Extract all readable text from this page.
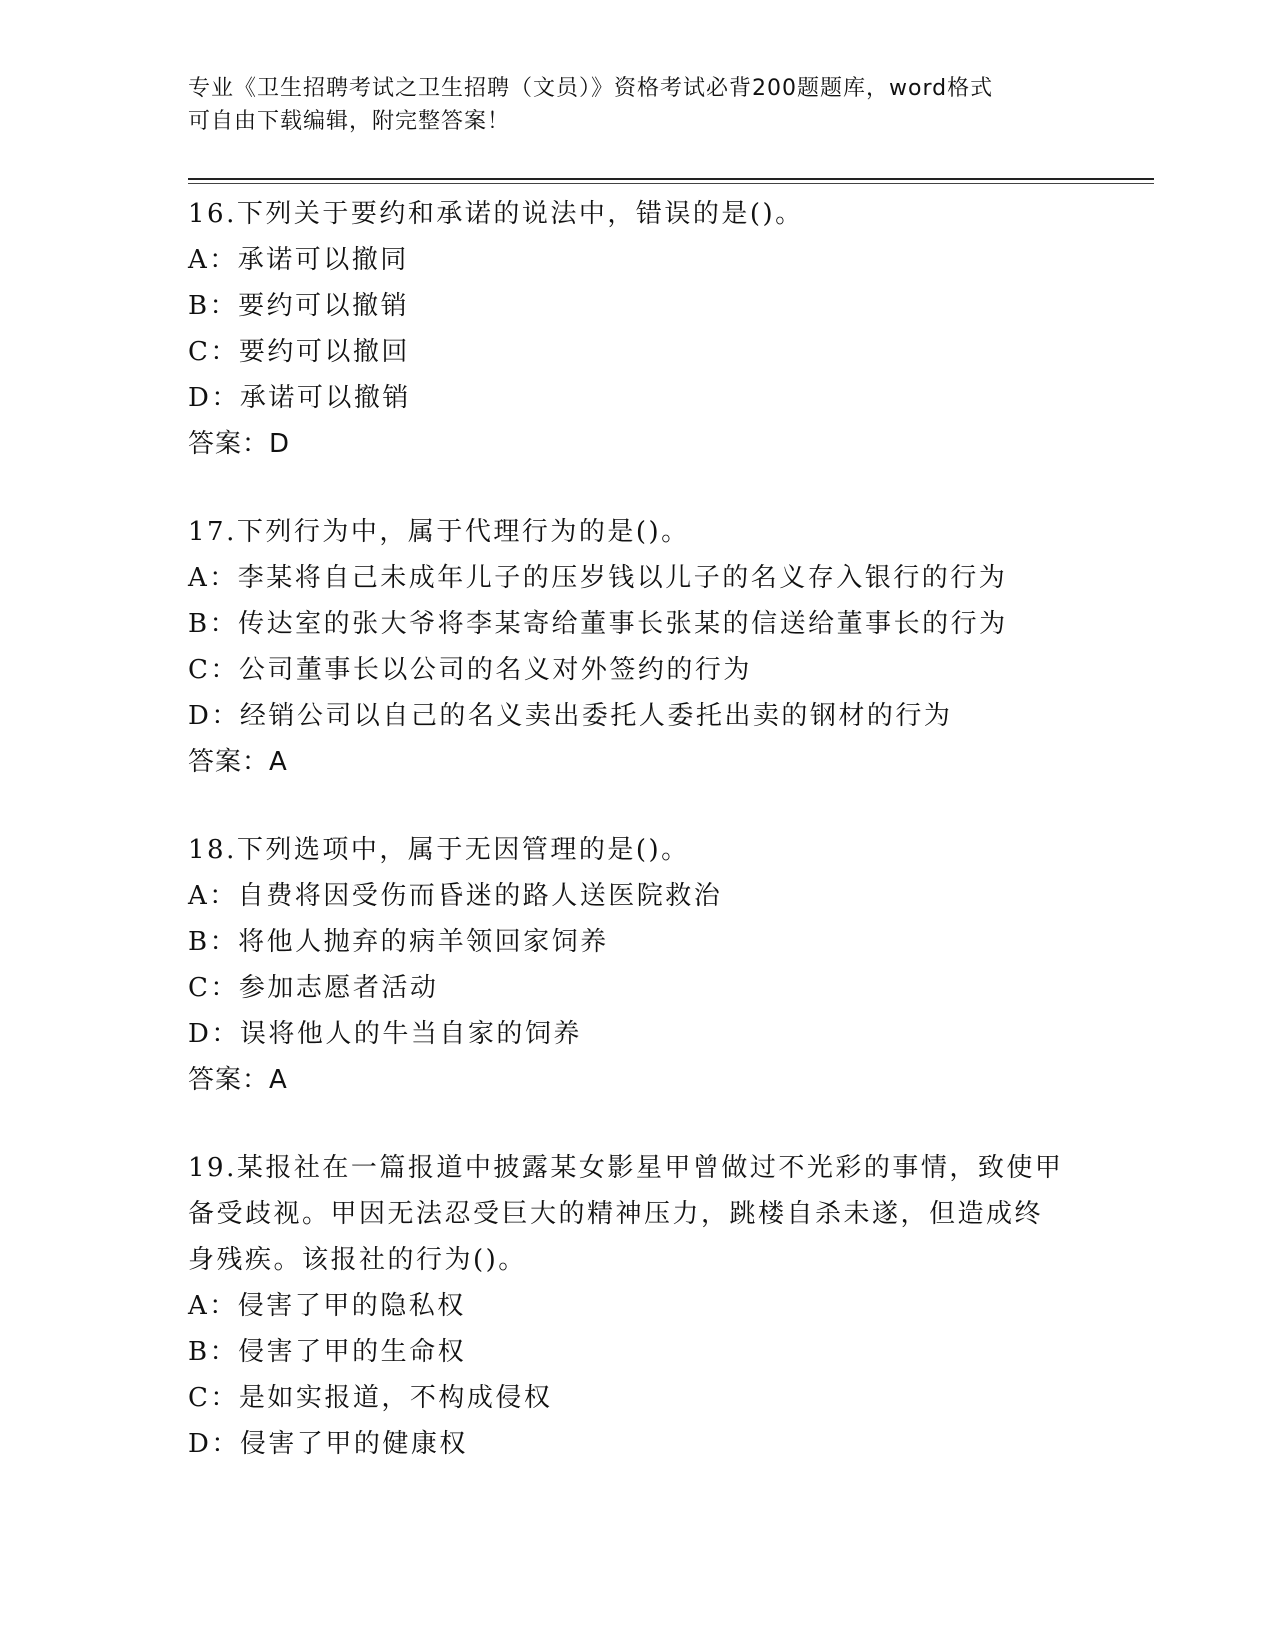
专业《卫生招聘考试之卫生招聘（文员）》资格考试必背200题题库，word格式
可自由下载编辑，附完整答案！
16.下列关于要约和承诺的说法中，错误的是()。
A：承诺可以撤同
B：要约可以撤销
C：要约可以撤回
D：承诺可以撤销
答案：D
17.下列行为中，属于代理行为的是()。
A：李某将自己未成年儿子的压岁钱以儿子的名义存入银行的行为
B：传达室的张大爷将李某寄给董事长张某的信送给董事长的行为
C：公司董事长以公司的名义对外签约的行为
D：经销公司以自己的名义卖出委托人委托出卖的钢材的行为
答案：A
18.下列选项中，属于无因管理的是()。
A：自费将因受伤而昏迷的路人送医院救治
B：将他人抛弃的病羊领回家饲养
C：参加志愿者活动
D：误将他人的牛当自家的饲养
答案：A
19.某报社在一篇报道中披露某女影星甲曾做过不光彩的事情，致使甲
备受歧视。甲因无法忍受巨大的精神压力，跳楼自杀未遂，但造成终
身残疾。该报社的行为()。
A：侵害了甲的隐私权
B：侵害了甲的生命权
C：是如实报道，不构成侵权
D：侵害了甲的健康权
